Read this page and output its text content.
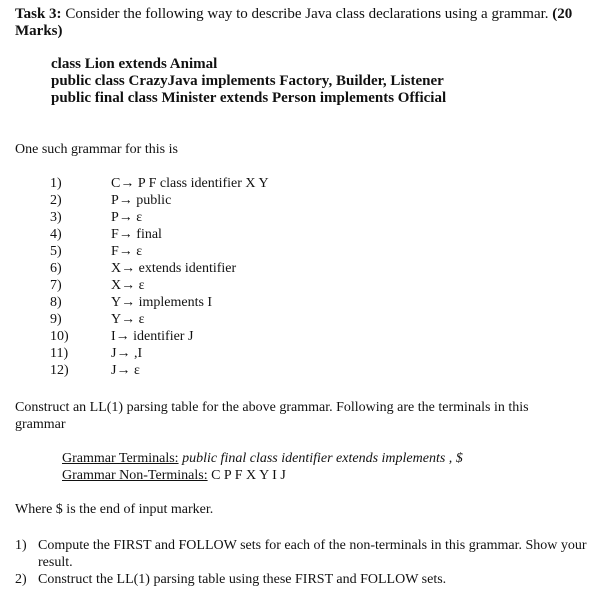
Task 3: Consider the following way to describe Java class declarations using a grammar. (20 Marks)
class Lion extends Animal
public class CrazyJava implements Factory, Builder, Listener
public final class Minister extends Person implements Official
One such grammar for this is
1)	C→ P F class identifier X Y
2)	P→ public
3)	P→ ε
4)	F→ final
5)	F→ ε
6)	X→ extends identifier
7)	X→ ε
8)	Y→ implements I
9)	Y→ ε
10)	I→ identifier J
11)	J→ ,I
12)	J→ ε
Construct an LL(1) parsing table for the above grammar. Following are the terminals in this grammar
Grammar Terminals: public final class identifier extends implements , $
Grammar Non-Terminals: C P F X Y I J
Where $ is the end of input marker.
1) Compute the FIRST and FOLLOW sets for each of the non-terminals in this grammar. Show your result.
2) Construct the LL(1) parsing table using these FIRST and FOLLOW sets.
